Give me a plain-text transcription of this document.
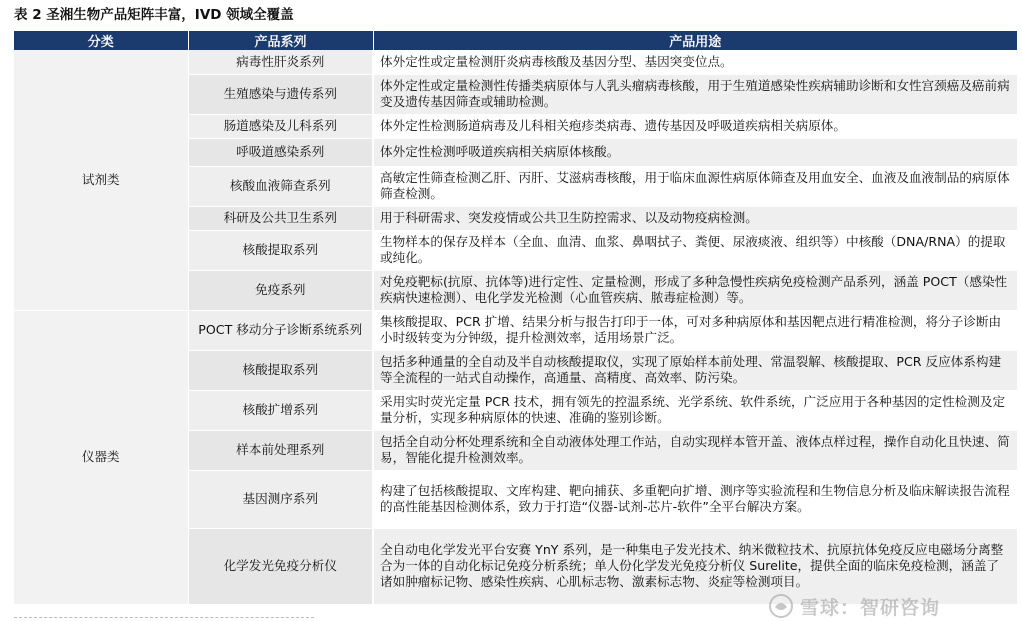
表 2 圣湘生物产品矩阵丰富，IVD 领域全覆盖
分类	产品系列	产品用途
试剂类	病毒性肝炎系列	体外定性或定量检测肝炎病毒核酸及基因分型、基因突变位点。
	生殖感染与遗传系列	体外定性或定量检测性传播类病原体与人乳头瘤病毒核酸，用于生殖道感染性疾病辅助诊断和女性宫颈癌及癌前病变及遗传基因筛查或辅助检测。
	肠道感染及儿科系列	体外定性检测肠道病毒及儿科相关疱疹类病毒、遗传基因及呼吸道疾病相关病原体。
	呼吸道感染系列	体外定性检测呼吸道疾病相关病原体核酸。
	核酸血液筛查系列	高敏定性筛查检测乙肝、丙肝、艾滋病毒核酸，用于临床血源性病原体筛查及用血安全、血液及血液制品的病原体筛查检测。
	科研及公共卫生系列	用于科研需求、突发疫情或公共卫生防控需求、以及动物疫病检测。
	核酸提取系列	生物样本的保存及样本（全血、血清、血浆、鼻咽拭子、粪便、尿液痰液、组织等）中核酸（DNA/RNA）的提取或纯化。
	免疫系列	对免疫靶标(抗原、抗体等)进行定性、定量检测，形成了多种急慢性疾病免疫检测产品系列，涵盖 POCT（感染性疾病快速检测）、电化学发光检测（心血管疾病、脓毒症检测）等。
仪器类	POCT 移动分子诊断系统系列	集核酸提取、PCR 扩增、结果分析与报告打印于一体，可对多种病原体和基因靶点进行精准检测，将分子诊断由小时级转变为分钟级，提升检测效率，适用场景广泛。
	核酸提取系列	包括多种通量的全自动及半自动核酸提取仪，实现了原始样本前处理、常温裂解、核酸提取、PCR 反应体系构建等全流程的一站式自动操作，高通量、高精度、高效率、防污染。
	核酸扩增系列	采用实时荧光定量 PCR 技术，拥有领先的控温系统、光学系统、软件系统，广泛应用于各种基因的定性检测及定量分析，实现多种病原体的快速、准确的鉴别诊断。
	样本前处理系列	包括全自动分杯处理系统和全自动液体处理工作站，自动实现样本管开盖、液体点样过程，操作自动化且快速、简易，智能化提升检测效率。
	基因测序系列	构建了包括核酸提取、文库构建、靶向捕获、多重靶向扩增、测序等实验流程和生物信息分析及临床解读报告流程的高性能基因检测体系，致力于打造“仪器-试剂-芯片-软件”全平台解决方案。
	化学发光免疫分析仪	全自动电化学发光平台安赛 YnY 系列，是一种集电子发光技术、纳米微粒技术、抗原抗体免疫反应电磁场分离整合为一体的自动化标记免疫分析系统；单人份化学发光免疫分析仪 Surelite，提供全面的临床免疫检测，涵盖了诸如肿瘤标记物、感染性疾病、心肌标志物、激素标志物、炎症等检测项目。
雪球：智研咨询
